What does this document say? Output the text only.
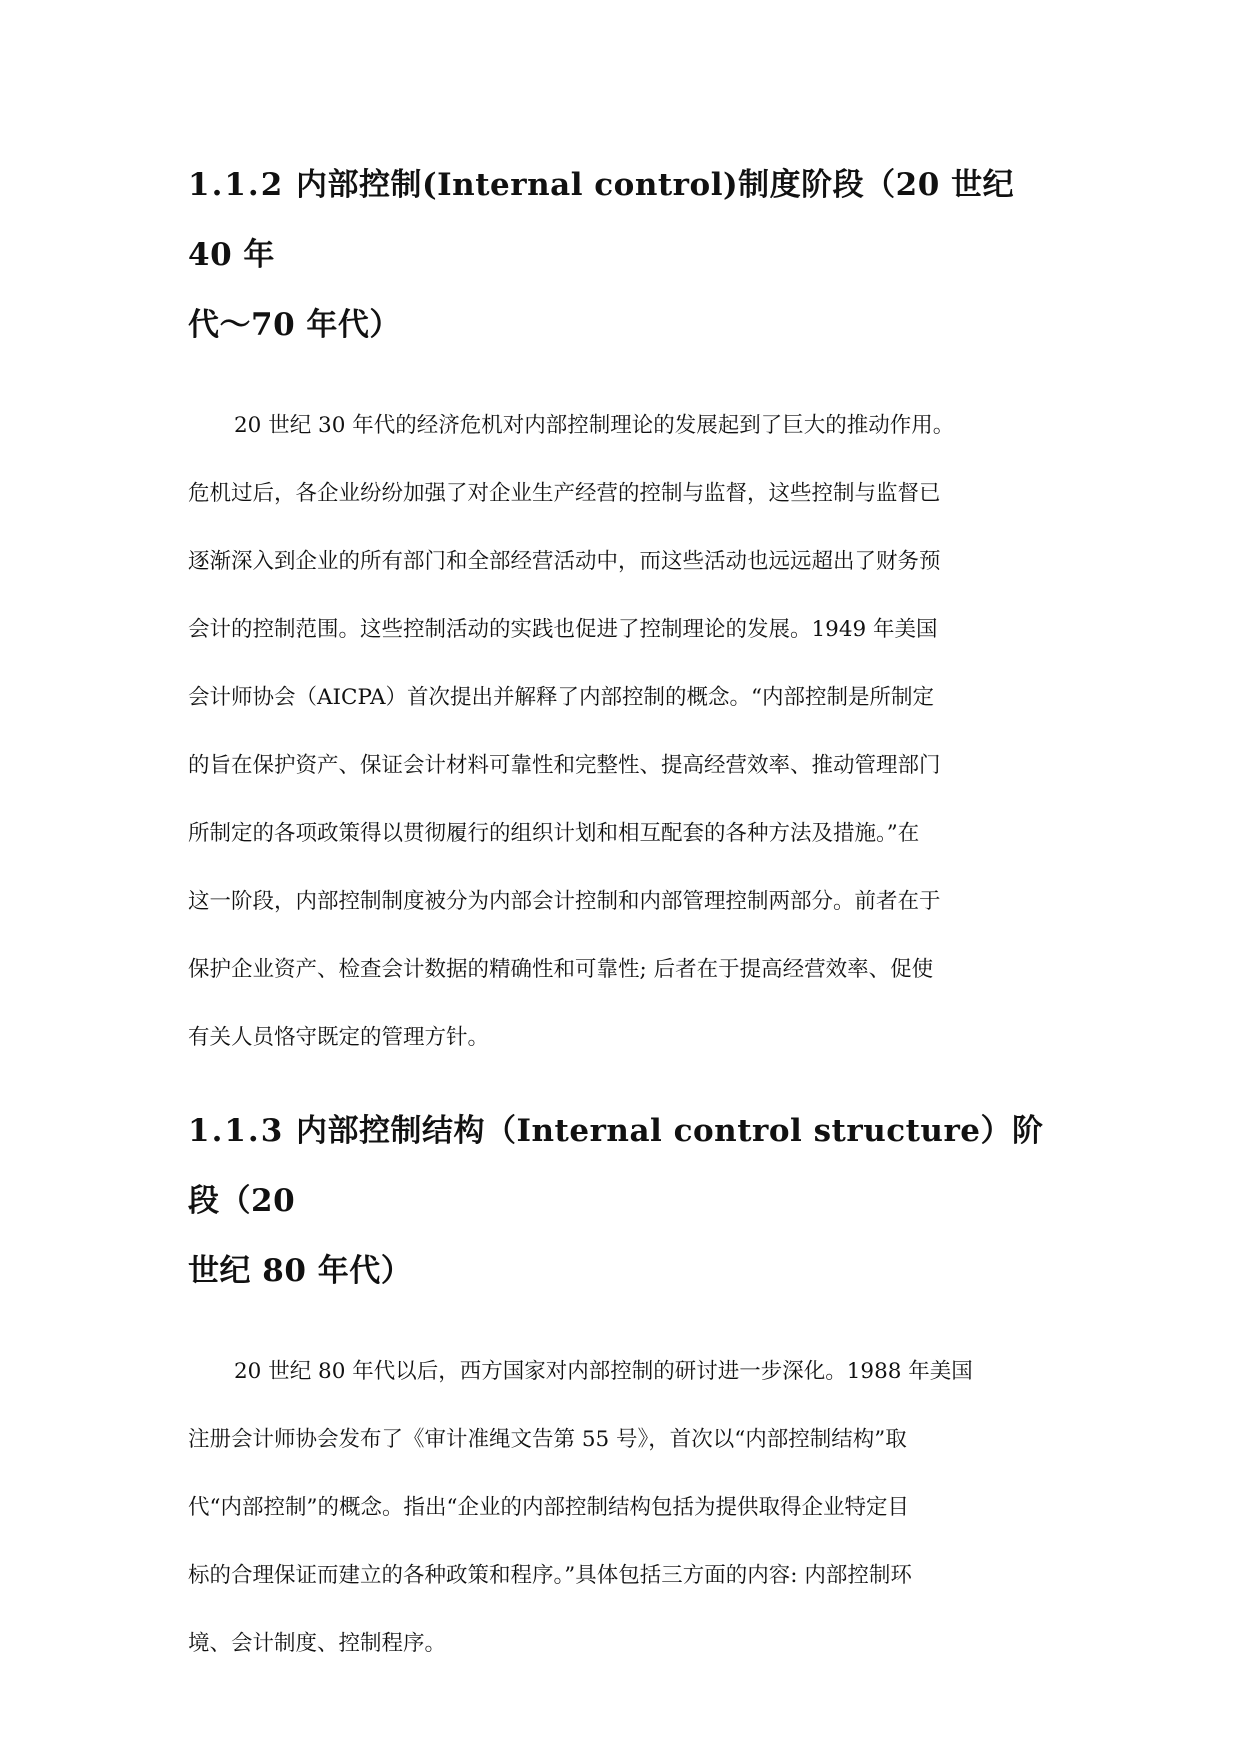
1.1.2 内部控制(Internal control)制度阶段（20 世纪 40 年
代～70 年代）

20 世纪 30 年代的经济危机对内部控制理论的发展起到了巨大的推动作用。
危机过后，各企业纷纷加强了对企业生产经营的控制与监督，这些控制与监督已
逐渐深入到企业的所有部门和全部经营活动中，而这些活动也远远超出了财务预
会计的控制范围。这些控制活动的实践也促进了控制理论的发展。1949 年美国
会计师协会（AICPA）首次提出并解释了内部控制的概念。“内部控制是所制定
的旨在保护资产、保证会计材料可靠性和完整性、提高经营效率、推动管理部门
所制定的各项政策得以贯彻履行的组织计划和相互配套的各种方法及措施。”在
这一阶段，内部控制制度被分为内部会计控制和内部管理控制两部分。前者在于
保护企业资产、检查会计数据的精确性和可靠性; 后者在于提高经营效率、促使
有关人员恪守既定的管理方针。

1.1.3 内部控制结构（Internal control structure）阶段（20
世纪 80 年代）

20 世纪 80 年代以后，西方国家对内部控制的研讨进一步深化。1988 年美国
注册会计师协会发布了《审计准绳文告第 55 号》，首次以“内部控制结构”取
代“内部控制”的概念。指出“企业的内部控制结构包括为提供取得企业特定目
标的合理保证而建立的各种政策和程序。”具体包括三方面的内容: 内部控制环
境、会计制度、控制程序。
